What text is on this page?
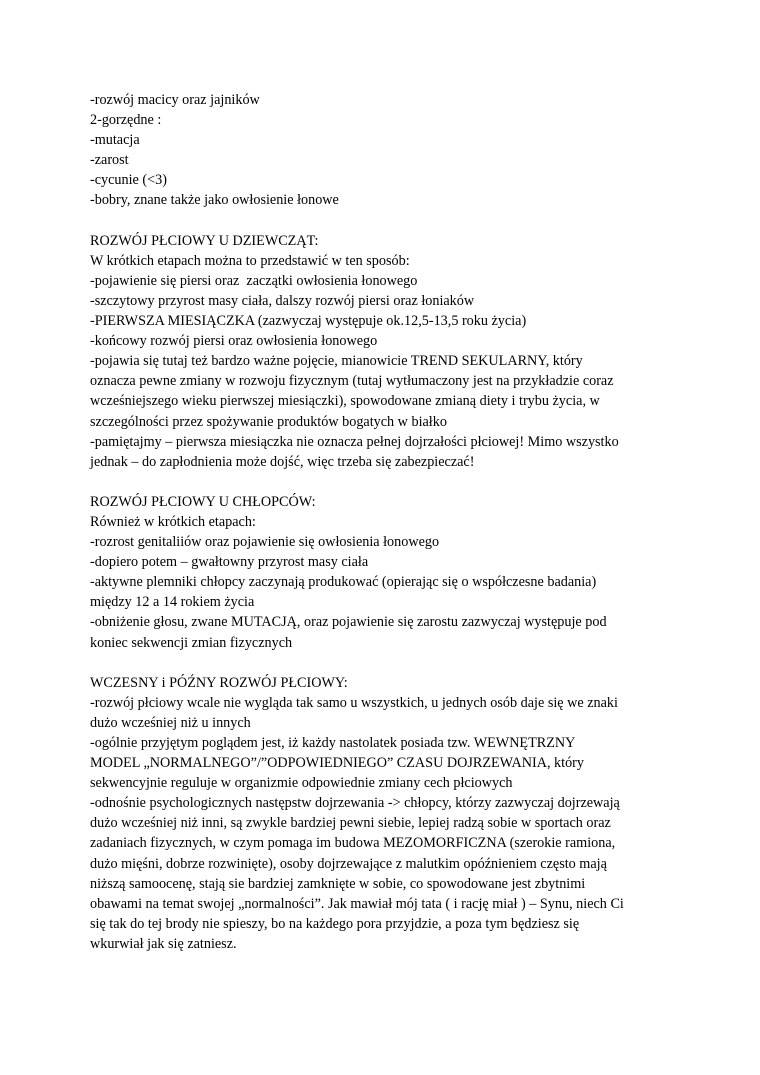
-rozwój macicy oraz jajników
2-gorzędne :
-mutacja
-zarost
-cycunie (<3)
-bobry, znane także jako owłosienie łonowe
ROZWÓJ PŁCIOWY U DZIEWCZĄT:
W krótkich etapach można to przedstawić w ten sposób:
-pojawienie się piersi oraz  zaczątki owłosienia łonowego
-szczytowy przyrost masy ciała, dalszy rozwój piersi oraz łoniaków
-PIERWSZA MIESIĄCZKA (zazwyczaj występuje ok.12,5-13,5 roku życia)
-końcowy rozwój piersi oraz owłosienia łonowego
-pojawia się tutaj też bardzo ważne pojęcie, mianowicie TREND SEKULARNY, który
oznacza pewne zmiany w rozwoju fizycznym (tutaj wytłumaczony jest na przykładzie coraz
wcześniejszego wieku pierwszej miesiączki), spowodowane zmianą diety i trybu życia, w
szczególności przez spożywanie produktów bogatych w białko
-pamiętajmy – pierwsza miesiączka nie oznacza pełnej dojrzałości płciowej! Mimo wszystko
jednak – do zapłodnienia może dojść, więc trzeba się zabezpieczać!
ROZWÓJ PŁCIOWY U CHŁOPCÓW:
Również w krótkich etapach:
-rozrost genitaliiów oraz pojawienie się owłosienia łonowego
-dopiero potem – gwałtowny przyrost masy ciała
-aktywne plemniki chłopcy zaczynają produkować (opierając się o współczesne badania)
między 12 a 14 rokiem życia
-obniżenie głosu, zwane MUTACJĄ, oraz pojawienie się zarostu zazwyczaj występuje pod
koniec sekwencji zmian fizycznych
WCZESNY i PÓŹNY ROZWÓJ PŁCIOWY:
-rozwój płciowy wcale nie wygląda tak samo u wszystkich, u jednych osób daje się we znaki
dużo wcześniej niż u innych
-ogólnie przyjętym poglądem jest, iż każdy nastolatek posiada tzw. WEWNĘTRZNY
MODEL „NORMALNEGO”/”ODPOWIEDNIEGO” CZASU DOJRZEWANIA, który
sekwencyjnie reguluje w organizmie odpowiednie zmiany cech płciowych
-odnośnie psychologicznych następstw dojrzewania -> chłopcy, którzy zazwyczaj dojrzewają
dużo wcześniej niż inni, są zwykle bardziej pewni siebie, lepiej radzą sobie w sportach oraz
zadaniach fizycznych, w czym pomaga im budowa MEZOMORFICZNA (szerokie ramiona,
dużo mięśni, dobrze rozwinięte), osoby dojrzewające z malutkim opóźnieniem często mają
niższą samoocenę, stają sie bardziej zamknięte w sobie, co spowodowane jest zbytnimi
obawami na temat swojej „normalności”. Jak mawiał mój tata ( i rację miał ) – Synu, niech Ci
się tak do tej brody nie spieszy, bo na każdego pora przyjdzie, a poza tym będziesz się
wkurwiał jak się zatniesz.
